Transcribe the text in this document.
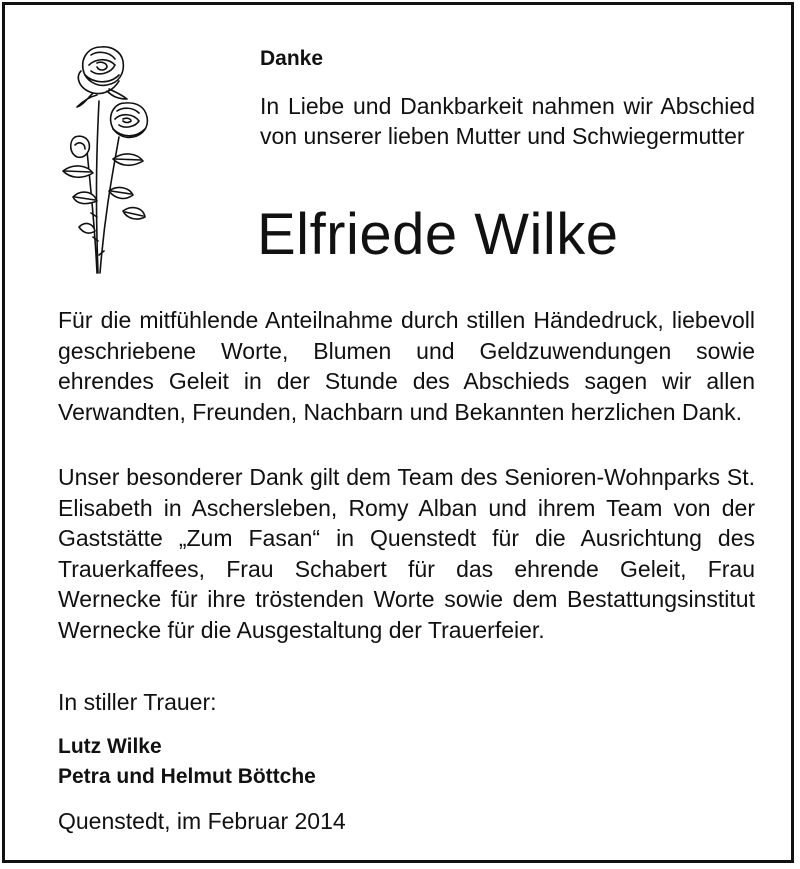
Danke

In Liebe und Dankbarkeit nahmen wir Abschied von unserer lieben Mutter und Schwiegermutter

Elfriede Wilke

Für die mitfühlende Anteilnahme durch stillen Händedruck, liebevoll geschriebene Worte, Blumen und Geldzuwendungen sowie ehrendes Geleit in der Stunde des Abschieds sagen wir allen Verwandten, Freunden, Nachbarn und Bekannten herzlichen Dank.

Unser besonderer Dank gilt dem Team des Senioren-Wohnparks St. Elisabeth in Aschersleben, Romy Alban und ihrem Team von der Gaststätte „Zum Fasan“ in Quenstedt für die Ausrichtung des Trauerkaffees, Frau Schabert für das ehrende Geleit, Frau Wernecke für ihre tröstenden Worte sowie dem Bestattungsinstitut Wernecke für die Ausgestaltung der Trauerfeier.

In stiller Trauer:

Lutz Wilke
Petra und Helmut Böttche

Quenstedt, im Februar 2014
